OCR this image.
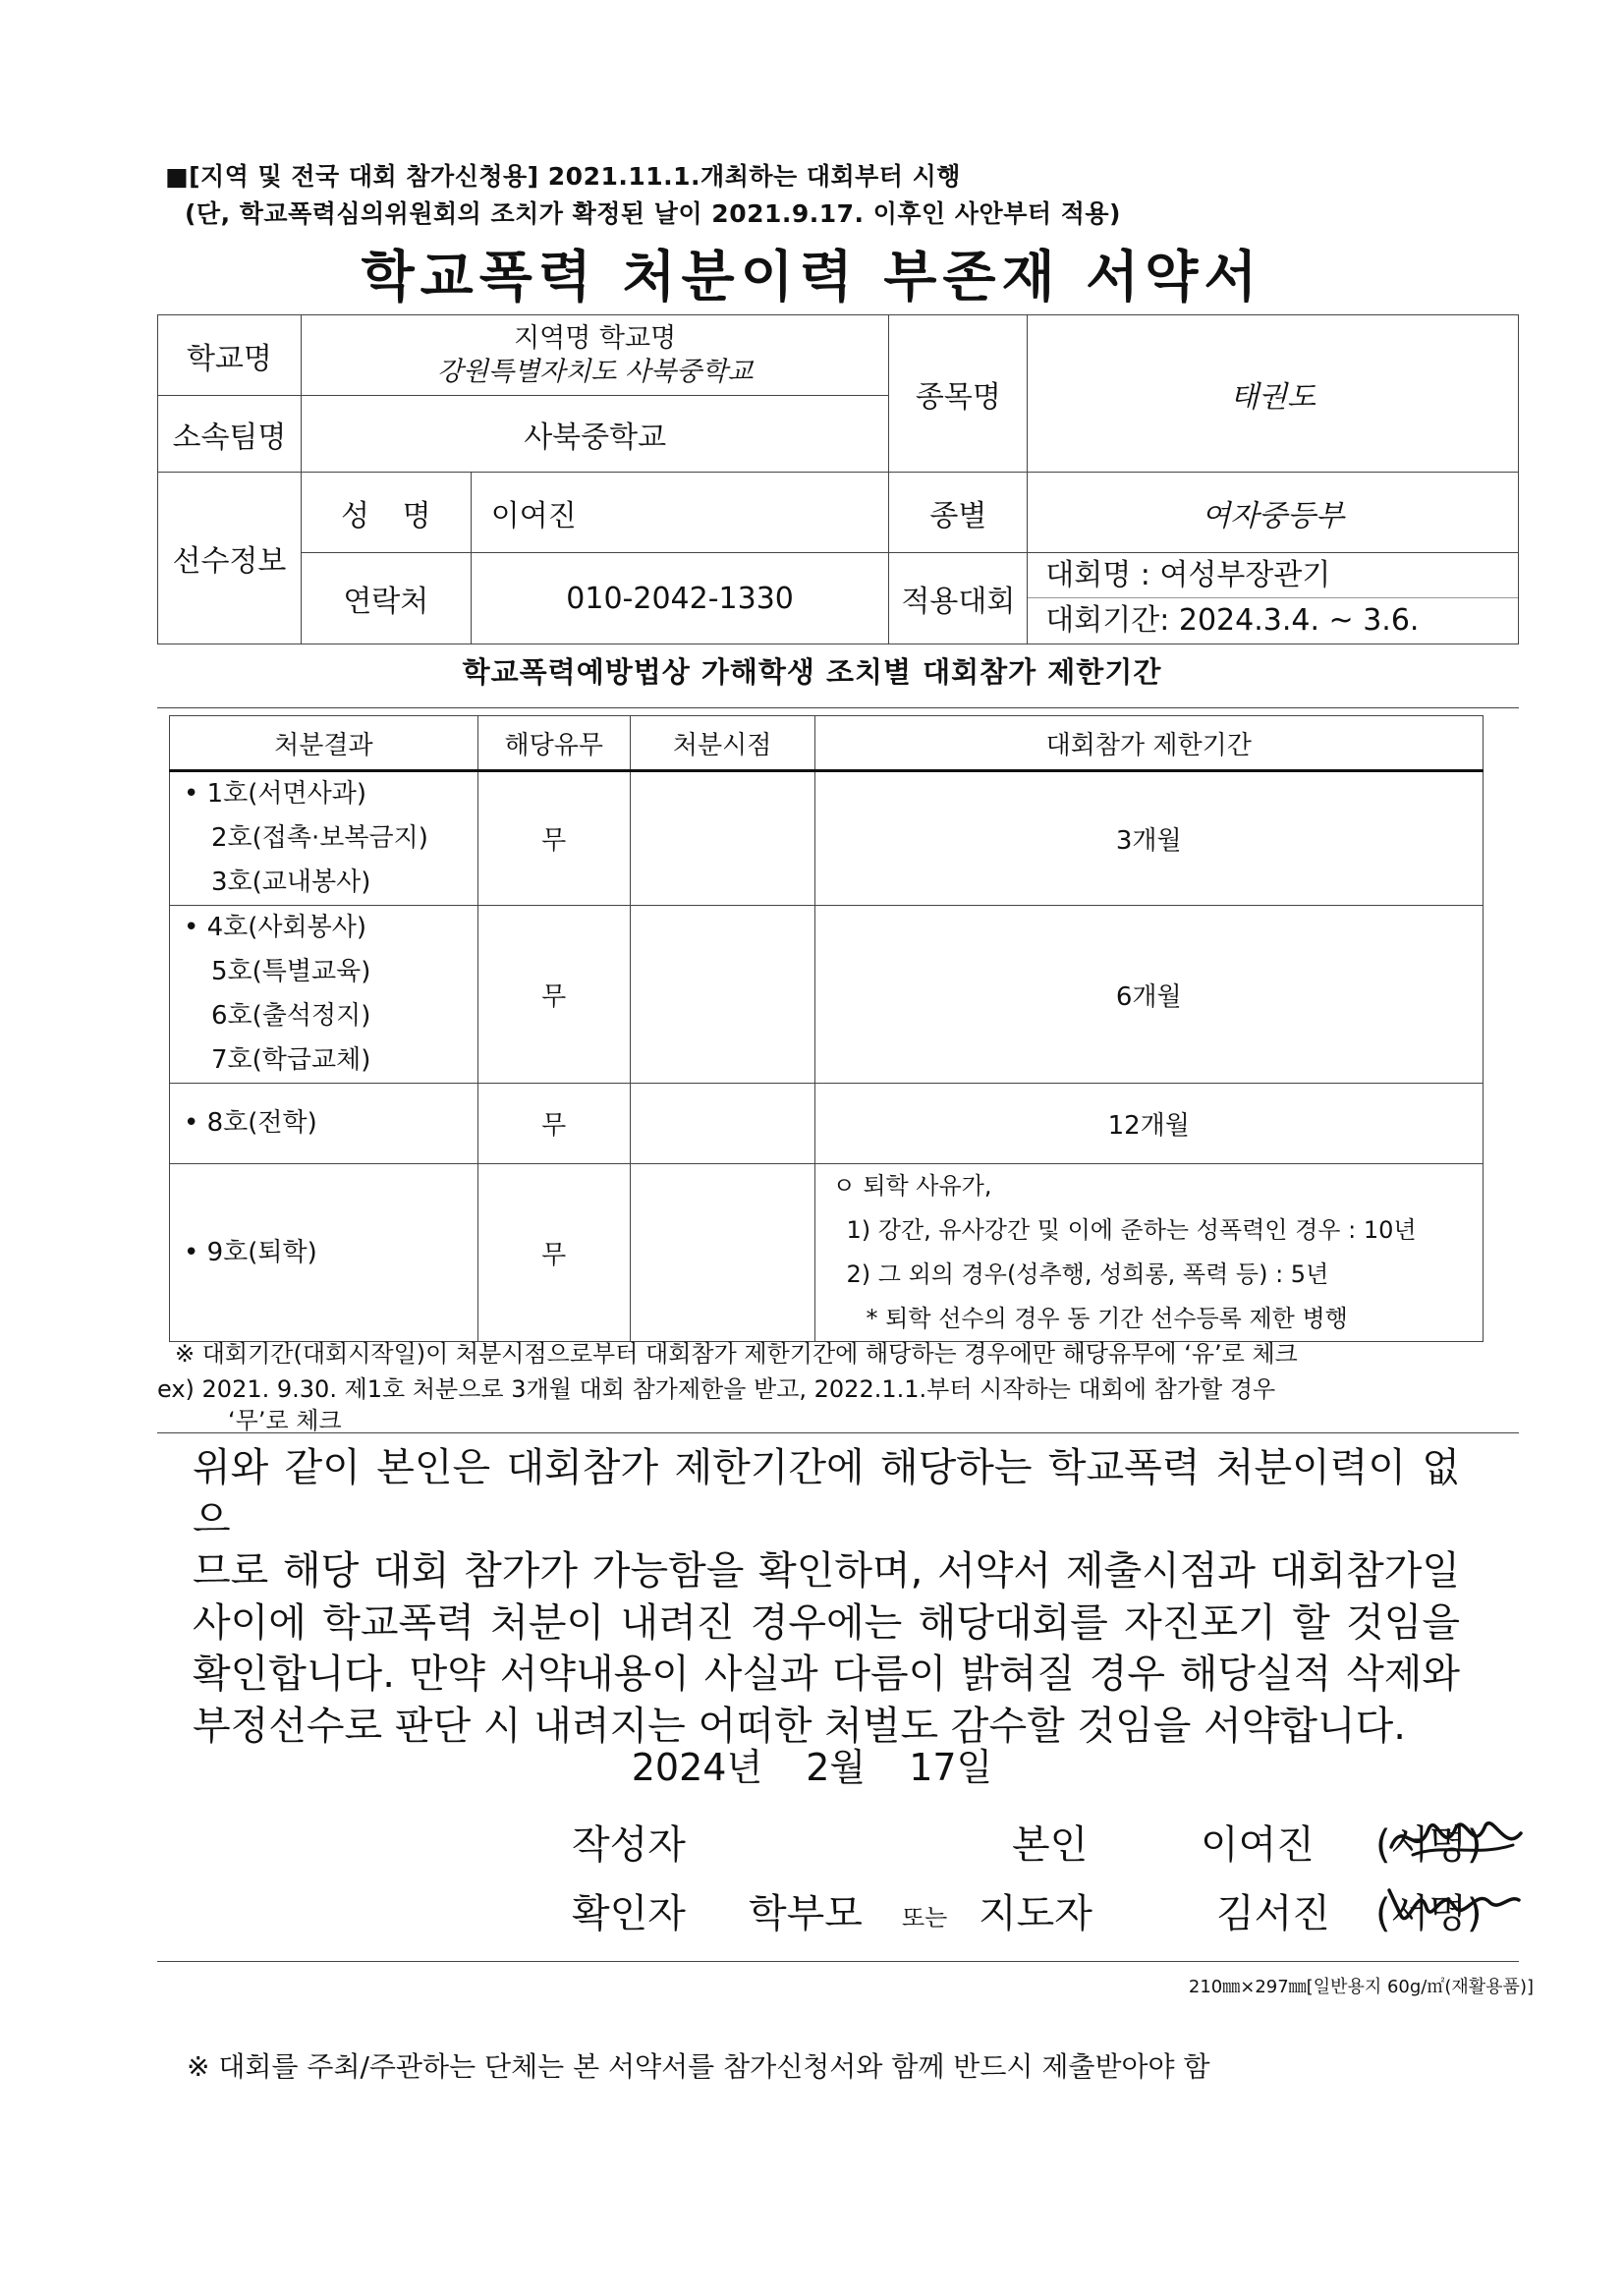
■[지역 및 전국 대회 참가신청용] 2021.11.1.개최하는 대회부터 시행
(단, 학교폭력심의위원회의 조치가 확정된 날이 2021.9.17. 이후인 사안부터 적용)
학교폭력 처분이력 부존재 서약서
학교명	지역명 학교명
강원특별자치도 사북중학교		종목명	태권도
소속팀명	사북중학교			
선수정보	성 명	이여진	종별	여자중등부
	연락처	010-2042-1330	적용대회	대회명 : 여성부장관기
대회기간: 2024.3.4. ~ 3.6.
학교폭력예방법상 가해학생 조치별 대회참가 제한기간
처분결과	해당유무	처분시점	대회참가 제한기간

• 1호(서면사과)
2호(접촉·보복금지)
3호(교내봉사)	무		3개월

• 4호(사회봉사)
5호(특별교육)
6호(출석정지)
7호(학급교체)	무		6개월
• 8호(전학)	무		12개월
• 9호(퇴학)	무		ㅇ 퇴학 사유가,
1) 강간, 유사강간 및 이에 준하는 성폭력인 경우 : 10년
2) 그 외의 경우(성추행, 성희롱, 폭력 등) : 5년
* 퇴학 선수의 경우 동 기간 선수등록 제한 병행
※ 대회기간(대회시작일)이 처분시점으로부터 대회참가 제한기간에 해당하는 경우에만 해당유무에 ‘유’로 체크
ex) 2021. 9.30. 제1호 처분으로 3개월 대회 참가제한을 받고, 2022.1.1.부터 시작하는 대회에 참가할 경우
‘무’로 체크
위와 같이 본인은 대회참가 제한기간에 해당하는 학교폭력 처분이력이 없으
므로 해당 대회 참가가 가능함을 확인하며, 서약서 제출시점과 대회참가일
사이에 학교폭력 처분이 내려진 경우에는 해당대회를 자진포기 할 것임을
확인합니다. 만약 서약내용이 사실과 다름이 밝혀질 경우 해당실적 삭제와
부정선수로 판단 시 내려지는 어떠한 처벌도 감수할 것임을 서약합니다.
2024년 2월 17일
작성자	본인	이여진 (서명)
확인자 학부모 또는 지도자	김서진 (서명)
210㎜×297㎜[일반용지 60g/㎡(재활용품)]
※ 대회를 주최/주관하는 단체는 본 서약서를 참가신청서와 함께 반드시 제출받아야 함
